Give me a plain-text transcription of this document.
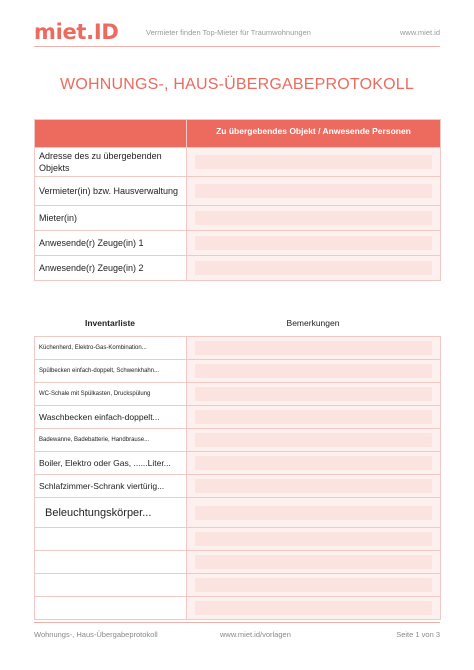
miet.ID	Vermieter finden Top-Mieter für Traumwohnungen	www.miet.id
WOHNUNGS-, HAUS-ÜBERGABEPROTOKOLL
	Zu übergebendes Objekt / Anwesende Personen
Adresse des zu übergebenden Objekts	

Vermieter(in) bzw. Hausverwaltung	

Mieter(in)	

Anwesende(r) Zeuge(in) 1	

Anwesende(r) Zeuge(in) 2	
Inventarliste	Bemerkungen
Küchenherd, Elektro-Gas-Kombination...	

Spülbecken einfach-doppelt, Schwenkhahn...	

WC-Schale mit Spülkasten, Druckspülung	

Waschbecken einfach-doppelt...	

Badewanne, Badebatterie, Handbrause...	

Boiler, Elektro oder Gas, ......Liter...	

Schlafzimmer-Schrank viertürig...	

Beleuchtungskörper...	

Wohnungs-, Haus-Übergabeprotokoll	www.miet.id/vorlagen	Seite 1 von 3
